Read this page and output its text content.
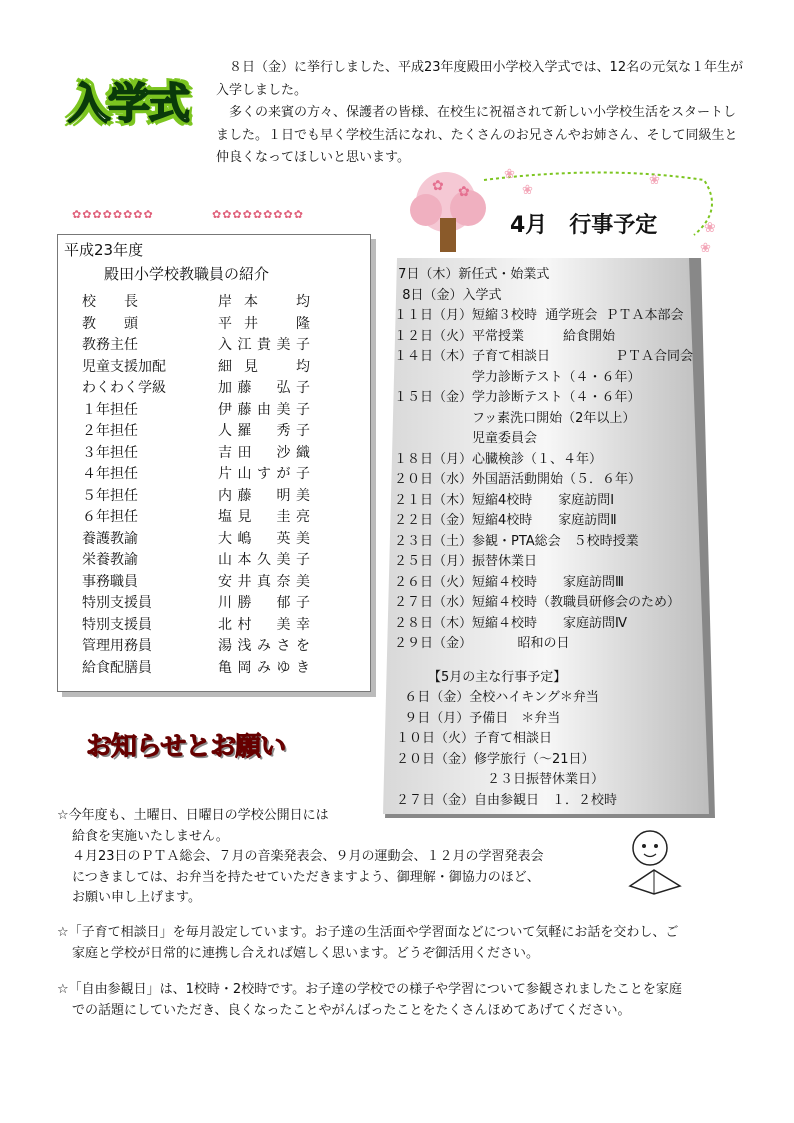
入学式

　８日（金）に挙行しました、平成23年度殿田小学校入学式では、12名の元気な１年生が入学しました。

　多くの来賓の方々、保護者の皆様、在校生に祝福されて新しい小学校生活をスタートしました。１日でも早く学校生活になれ、たくさんのお兄さんやお姉さん、そして同級生と仲良くなってほしいと思います。

✿✿✿✿✿✿✿✿	✿✿✿✿✿✿✿✿✿
平成23年度
殿田小学校教職員の紹介
校　　長	岸本　均
教　　頭	平井　隆
教務主任	入江貴美子
児童支援加配	細見　均
わくわく学級	加藤　弘子
１年担任	伊藤由美子
２年担任	人羅　秀子
３年担任	吉田　沙織
４年担任	片山すが子
５年担任	内藤　明美
６年担任	塩見　圭亮
養護教諭	大嶋　英美
栄養教諭	山本久美子
事務職員	安井真奈美
特別支援員	川勝　郁子
特別支援員	北村　美幸
管理用務員	湯浅みさを
給食配膳員	亀岡みゆき
✿ ✿
❀
❀
❀
❀
❀
4月　行事予定
7日（木）新任式・始業式
8日（金）入学式
１１日（月）短縮３校時  通学班会  ＰＴＡ本部会
１２日（火）平常授業　　　給食開始
１４日（木）子育て相談日　　　　　ＰＴＡ合同会
　　　　　　学力診断テスト（４・６年）
１５日（金）学力診断テスト（４・６年）
　　　　　　フッ素洗口開始（2年以上）
　　　　　　児童委員会
１８日（月）心臓検診（１、４年）
２０日（水）外国語活動開始（５．６年）
２１日（木）短縮4校時　　家庭訪問Ⅰ
２２日（金）短縮4校時　　家庭訪問Ⅱ
２３日（土）参観・PTA総会　５校時授業
２５日（月）振替休業日
２６日（火）短縮４校時　　家庭訪問Ⅲ
２７日（水）短縮４校時（教職員研修会のため）
２８日（木）短縮４校時　　家庭訪問Ⅳ
２９日（金）　　　　昭和の日
【5月の主な行事予定】
６日（金）全校ハイキング＊弁当
９日（月）予備日　＊弁当
１０日（火）子育て相談日
２０日（金）修学旅行（～21日）
　　　　　　　２３日振替休業日）
２７日（金）自由参観日　１．２校時
お知らせとお願い

☆今年度も、土曜日、日曜日の学校公開日には

給食を実施いたしません。

４月23日のＰＴＡ総会、７月の音楽発表会、９月の運動会、１２月の学習発表会

につきましては、お弁当を持たせていただきますよう、御理解・御協力のほど、

お願い申し上げます。

☆「子育て相談日」を毎月設定しています。お子達の生活面や学習面などについて気軽にお話を交わし、ご

家庭と学校が日常的に連携し合えれば嬉しく思います。どうぞ御活用ください。

☆「自由参観日」は、1校時・2校時です。お子達の学校での様子や学習について参観されましたことを家庭

での話題にしていただき、良くなったことやがんばったことをたくさんほめてあげてください。
